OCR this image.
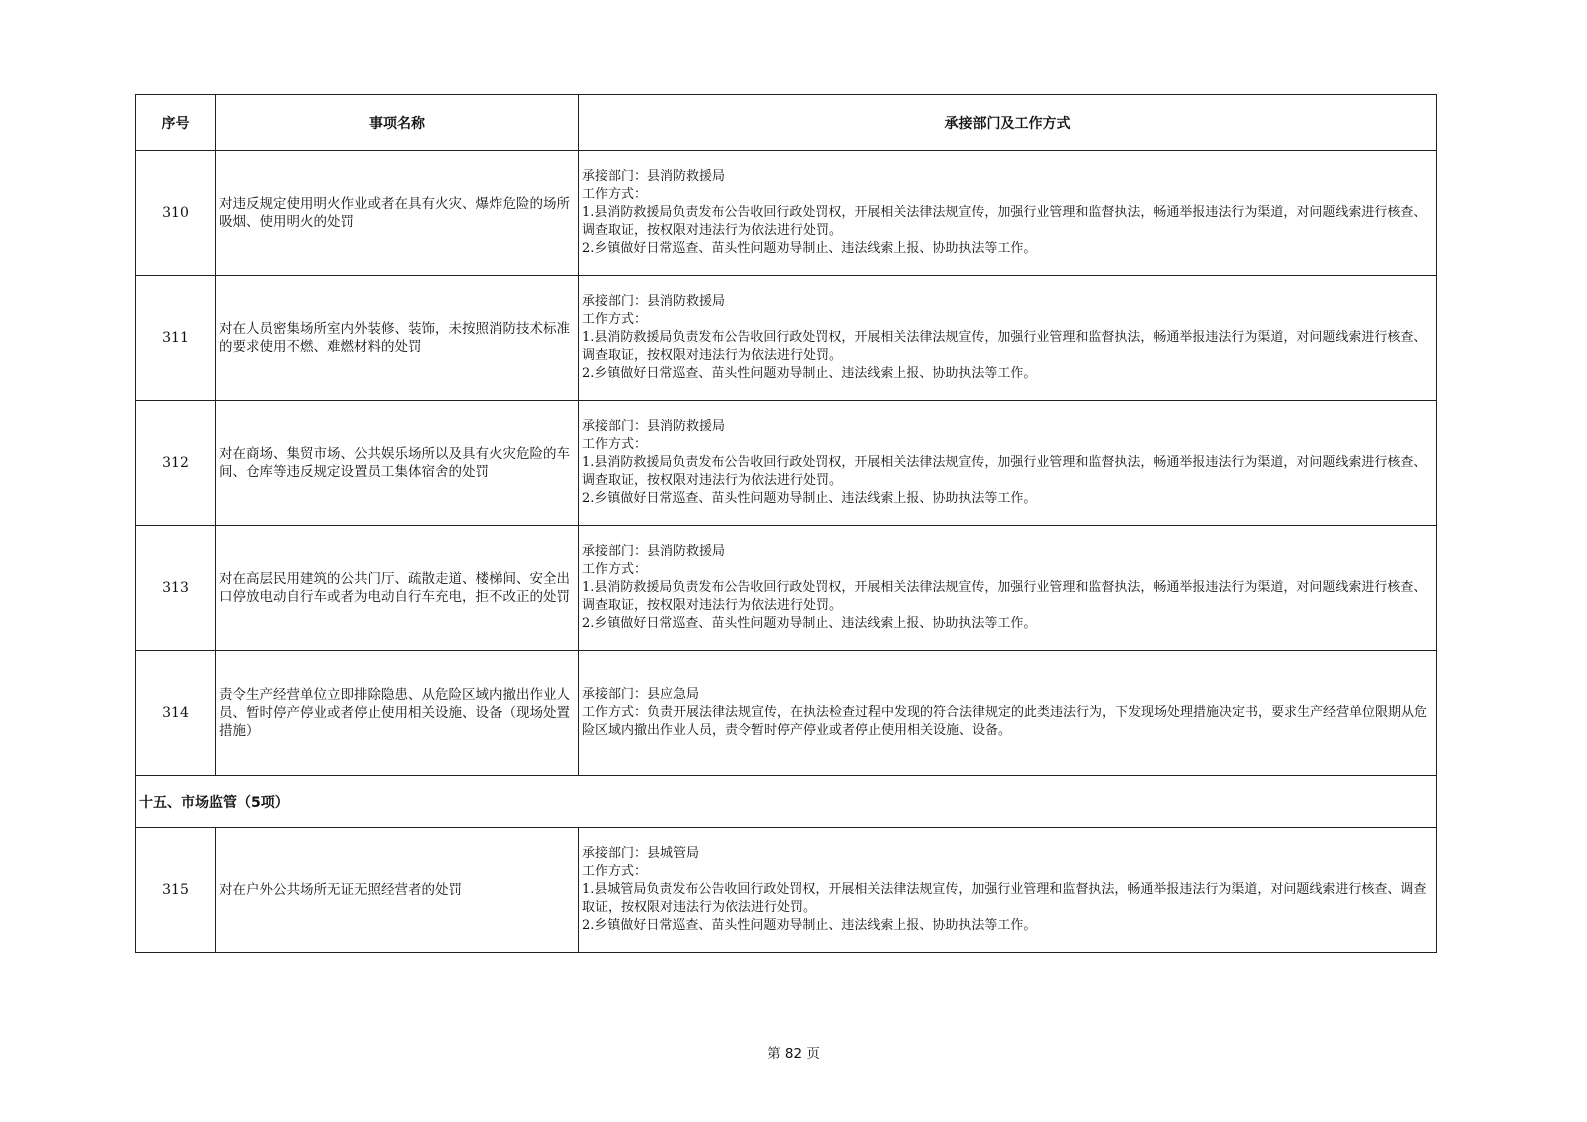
序号	事项名称	承接部门及工作方式
310	对违反规定使用明火作业或者在具有火灾、爆炸危险的场所吸烟、使用明火的处罚	承接部门：县消防救援局
工作方式：
1.县消防救援局负责发布公告收回行政处罚权，开展相关法律法规宣传，加强行业管理和监督执法，畅通举报违法行为渠道，对问题线索进行核查、调查取证，按权限对违法行为依法进行处罚。
2.乡镇做好日常巡查、苗头性问题劝导制止、违法线索上报、协助执法等工作。

311	对在人员密集场所室内外装修、装饰，未按照消防技术标准的要求使用不燃、难燃材料的处罚	承接部门：县消防救援局
工作方式：
1.县消防救援局负责发布公告收回行政处罚权，开展相关法律法规宣传，加强行业管理和监督执法，畅通举报违法行为渠道，对问题线索进行核查、调查取证，按权限对违法行为依法进行处罚。
2.乡镇做好日常巡查、苗头性问题劝导制止、违法线索上报、协助执法等工作。

312	对在商场、集贸市场、公共娱乐场所以及具有火灾危险的车间、仓库等违反规定设置员工集体宿舍的处罚	承接部门：县消防救援局
工作方式：
1.县消防救援局负责发布公告收回行政处罚权，开展相关法律法规宣传，加强行业管理和监督执法，畅通举报违法行为渠道，对问题线索进行核查、调查取证，按权限对违法行为依法进行处罚。
2.乡镇做好日常巡查、苗头性问题劝导制止、违法线索上报、协助执法等工作。

313	对在高层民用建筑的公共门厅、疏散走道、楼梯间、安全出口停放电动自行车或者为电动自行车充电，拒不改正的处罚	承接部门：县消防救援局
工作方式：
1.县消防救援局负责发布公告收回行政处罚权，开展相关法律法规宣传，加强行业管理和监督执法，畅通举报违法行为渠道，对问题线索进行核查、调查取证，按权限对违法行为依法进行处罚。
2.乡镇做好日常巡查、苗头性问题劝导制止、违法线索上报、协助执法等工作。

314	责令生产经营单位立即排除隐患、从危险区域内撤出作业人员、暂时停产停业或者停止使用相关设施、设备（现场处置措施）	承接部门：县应急局
工作方式：负责开展法律法规宣传，在执法检查过程中发现的符合法律规定的此类违法行为，下发现场处理措施决定书，要求生产经营单位限期从危险区域内撤出作业人员，责令暂时停产停业或者停止使用相关设施、设备。

十五、市场监管（5项）		
315	对在户外公共场所无证无照经营者的处罚	承接部门：县城管局
工作方式：
1.县城管局负责发布公告收回行政处罚权，开展相关法律法规宣传，加强行业管理和监督执法，畅通举报违法行为渠道，对问题线索进行核查、调查取证，按权限对违法行为依法进行处罚。
2.乡镇做好日常巡查、苗头性问题劝导制止、违法线索上报、协助执法等工作。
第 82 页
